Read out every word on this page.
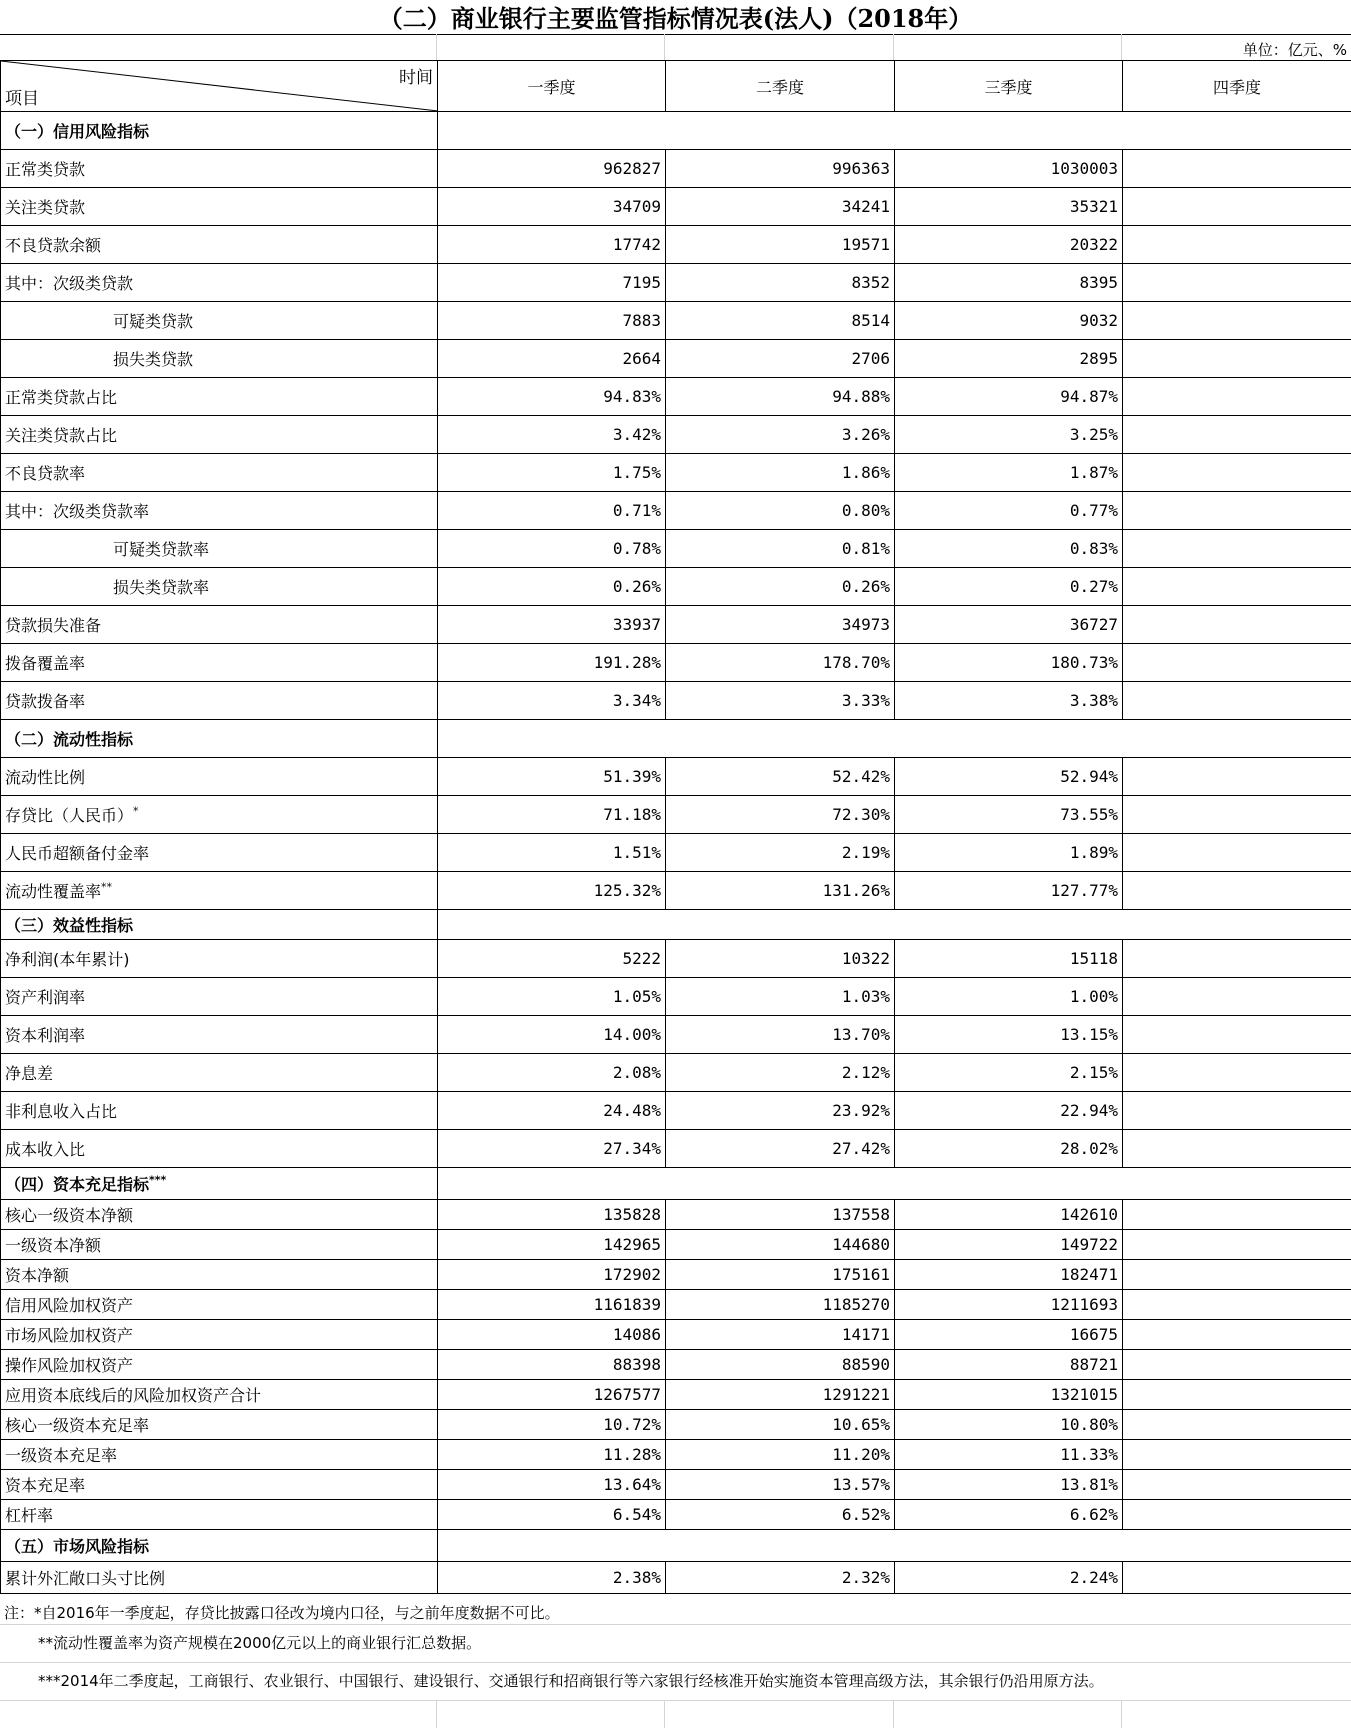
（二）商业银行主要监管指标情况表(法人)（2018年）
单位：亿元、%
时间
项目	一季度	二季度	三季度	四季度
（一）信用风险指标				
正常类贷款	962827	996363	1030003	
关注类贷款	34709	34241	35321	
不良贷款余额	17742	19571	20322	
其中：次级类贷款	7195	8352	8395	
可疑类贷款	7883	8514	9032	
损失类贷款	2664	2706	2895	
正常类贷款占比	94.83%	94.88%	94.87%	
关注类贷款占比	3.42%	3.26%	3.25%	
不良贷款率	1.75%	1.86%	1.87%	
其中：次级类贷款率	0.71%	0.80%	0.77%	
可疑类贷款率	0.78%	0.81%	0.83%	
损失类贷款率	0.26%	0.26%	0.27%	
贷款损失准备	33937	34973	36727	
拨备覆盖率	191.28%	178.70%	180.73%	
贷款拨备率	3.34%	3.33%	3.38%	
（二）流动性指标				
流动性比例	51.39%	52.42%	52.94%	
存贷比（人民币）*	71.18%	72.30%	73.55%	
人民币超额备付金率	1.51%	2.19%	1.89%	
流动性覆盖率**	125.32%	131.26%	127.77%	
（三）效益性指标				
净利润(本年累计)	5222	10322	15118	
资产利润率	1.05%	1.03%	1.00%	
资本利润率	14.00%	13.70%	13.15%	
净息差	2.08%	2.12%	2.15%	
非利息收入占比	24.48%	23.92%	22.94%	
成本收入比	27.34%	27.42%	28.02%	
（四）资本充足指标***	
核心一级资本净额	135828	137558	142610	
一级资本净额	142965	144680	149722	
资本净额	172902	175161	182471	
信用风险加权资产	1161839	1185270	1211693	
市场风险加权资产	14086	14171	16675	
操作风险加权资产	88398	88590	88721	
应用资本底线后的风险加权资产合计	1267577	1291221	1321015	
核心一级资本充足率	10.72%	10.65%	10.80%	
一级资本充足率	11.28%	11.20%	11.33%	
资本充足率	13.64%	13.57%	13.81%	
杠杆率	6.54%	6.52%	6.62%	
（五）市场风险指标				
累计外汇敞口头寸比例	2.38%	2.32%	2.24%	
注：*自2016年一季度起，存贷比披露口径改为境内口径，与之前年度数据不可比。
**流动性覆盖率为资产规模在2000亿元以上的商业银行汇总数据。
***2014年二季度起，工商银行、农业银行、中国银行、建设银行、交通银行和招商银行等六家银行经核准开始实施资本管理高级方法，其余银行仍沿用原方法。
